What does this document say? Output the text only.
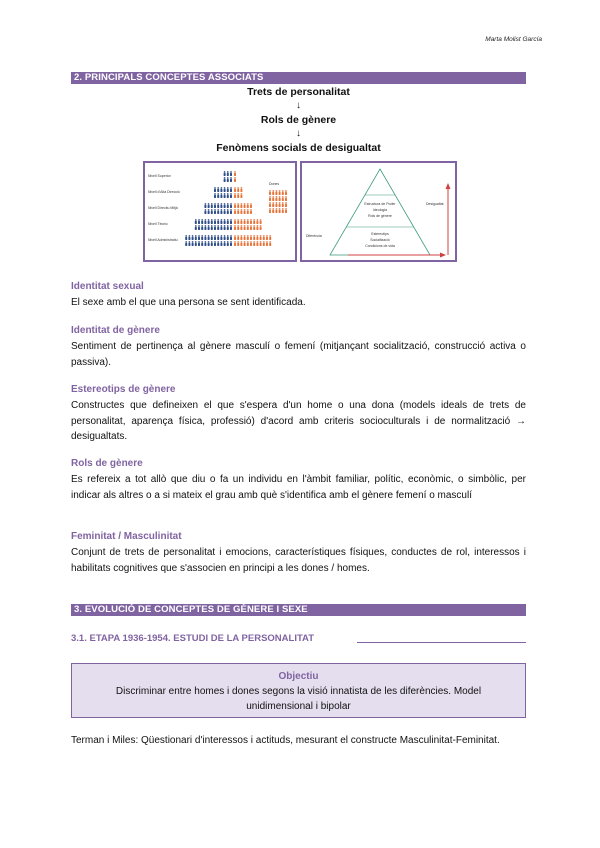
Marta Molist García
2. PRINCIPALS CONCEPTES ASSOCIATS
Trets de personalitat
↓
Rols de gènere
↓
Fenòmens socials de desigualtat
Nivell Superior
Nivell d'Alta Direcció
Nivell Directiu Mitjà
Nivell Tècnic
Nivell Administratiu
Dones
Estructura de Poder
Ideologia
Rols de gènere
Estereotips
Socialització
Condicions de vida
Desigualtat
Diferència
Identitat sexual
El sexe amb el que una persona se sent identificada.
Identitat de gènere
Sentiment de pertinença al gènere masculí o femení (mitjançant socialització, construcció activa o passiva).
Estereotips de gènere
Constructes que defineixen el que s'espera d'un home o una dona (models ideals de trets de personalitat, aparença física, professió) d'acord amb criteris socioculturals i de normalització → desigualtats.
Rols de gènere
Es refereix a tot allò que diu o fa un individu en l'àmbit familiar, polític, econòmic, o simbòlic, per indicar als altres o a si mateix el grau amb què s'identifica amb el gènere femení o masculí
Feminitat / Masculinitat
Conjunt de trets de personalitat i emocions, característiques físiques, conductes de rol, interessos i habilitats cognitives que s'associen en principi a les dones / homes.
3. EVOLUCIÓ DE CONCEPTES DE GÈNERE I SEXE
3.1. ETAPA 1936-1954. ESTUDI DE LA PERSONALITAT
Objectiu
Discriminar entre homes i dones segons la visió innatista de les diferències. Model unidimensional i bipolar
Terman i Miles: Qüestionari d'interessos i actituds, mesurant el constructe Masculinitat-Feminitat.
